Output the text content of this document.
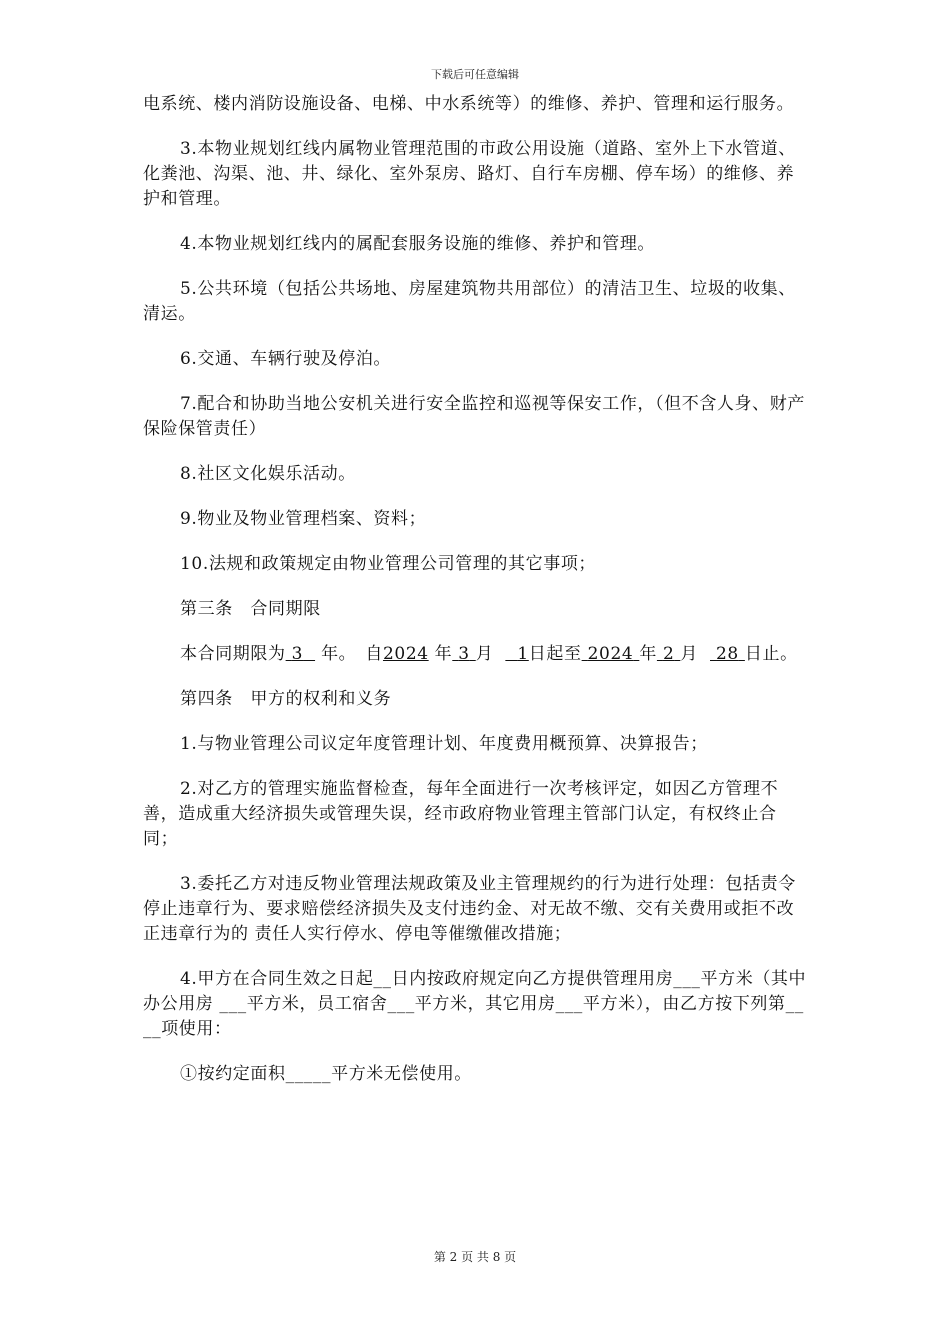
下载后可任意编辑

电系统、楼内消防设施设备、电梯、中水系统等）的维修、养护、管理和运行服务。

3.本物业规划红线内属物业管理范围的市政公用设施（道路、室外上下水管道、化粪池、沟渠、池、井、绿化、室外泵房、路灯、自行车房棚、停车场）的维修、养护和管理。

4.本物业规划红线内的属配套服务设施的维修、养护和管理。

5.公共环境（包括公共场地、房屋建筑物共用部位）的清洁卫生、垃圾的收集、清运。

6.交通、车辆行驶及停泊。

7.配合和协助当地公安机关进行安全监控和巡视等保安工作，（但不含人身、财产保险保管责任）

8.社区文化娱乐活动。

9.物业及物业管理档案、资料；

10.法规和政策规定由物业管理公司管理的其它事项；

第三条　合同期限

本合同期限为 3 年。　自2024 年 3 月 1日起至 2024 年 2 月 28 日止。

第四条　甲方的权利和义务

1.与物业管理公司议定年度管理计划、年度费用概预算、决算报告；

2.对乙方的管理实施监督检查，每年全面进行一次考核评定，如因乙方管理不善，造成重大经济损失或管理失误，经市政府物业管理主管部门认定，有权终止合同；

3.委托乙方对违反物业管理法规政策及业主管理规约的行为进行处理：包括责令停止违章行为、要求赔偿经济损失及支付违约金、对无故不缴、交有关费用或拒不改正违章行为的 责任人实行停水、停电等催缴催改措施；

4.甲方在合同生效之日起__日内按政府规定向乙方提供管理用房___平方米（其中办公用房 ___平方米，员工宿舍___平方米，其它用房___平方米），由乙方按下列第____项使用：

①按约定面积_____平方米无偿使用。

第 2 页 共 8 页
